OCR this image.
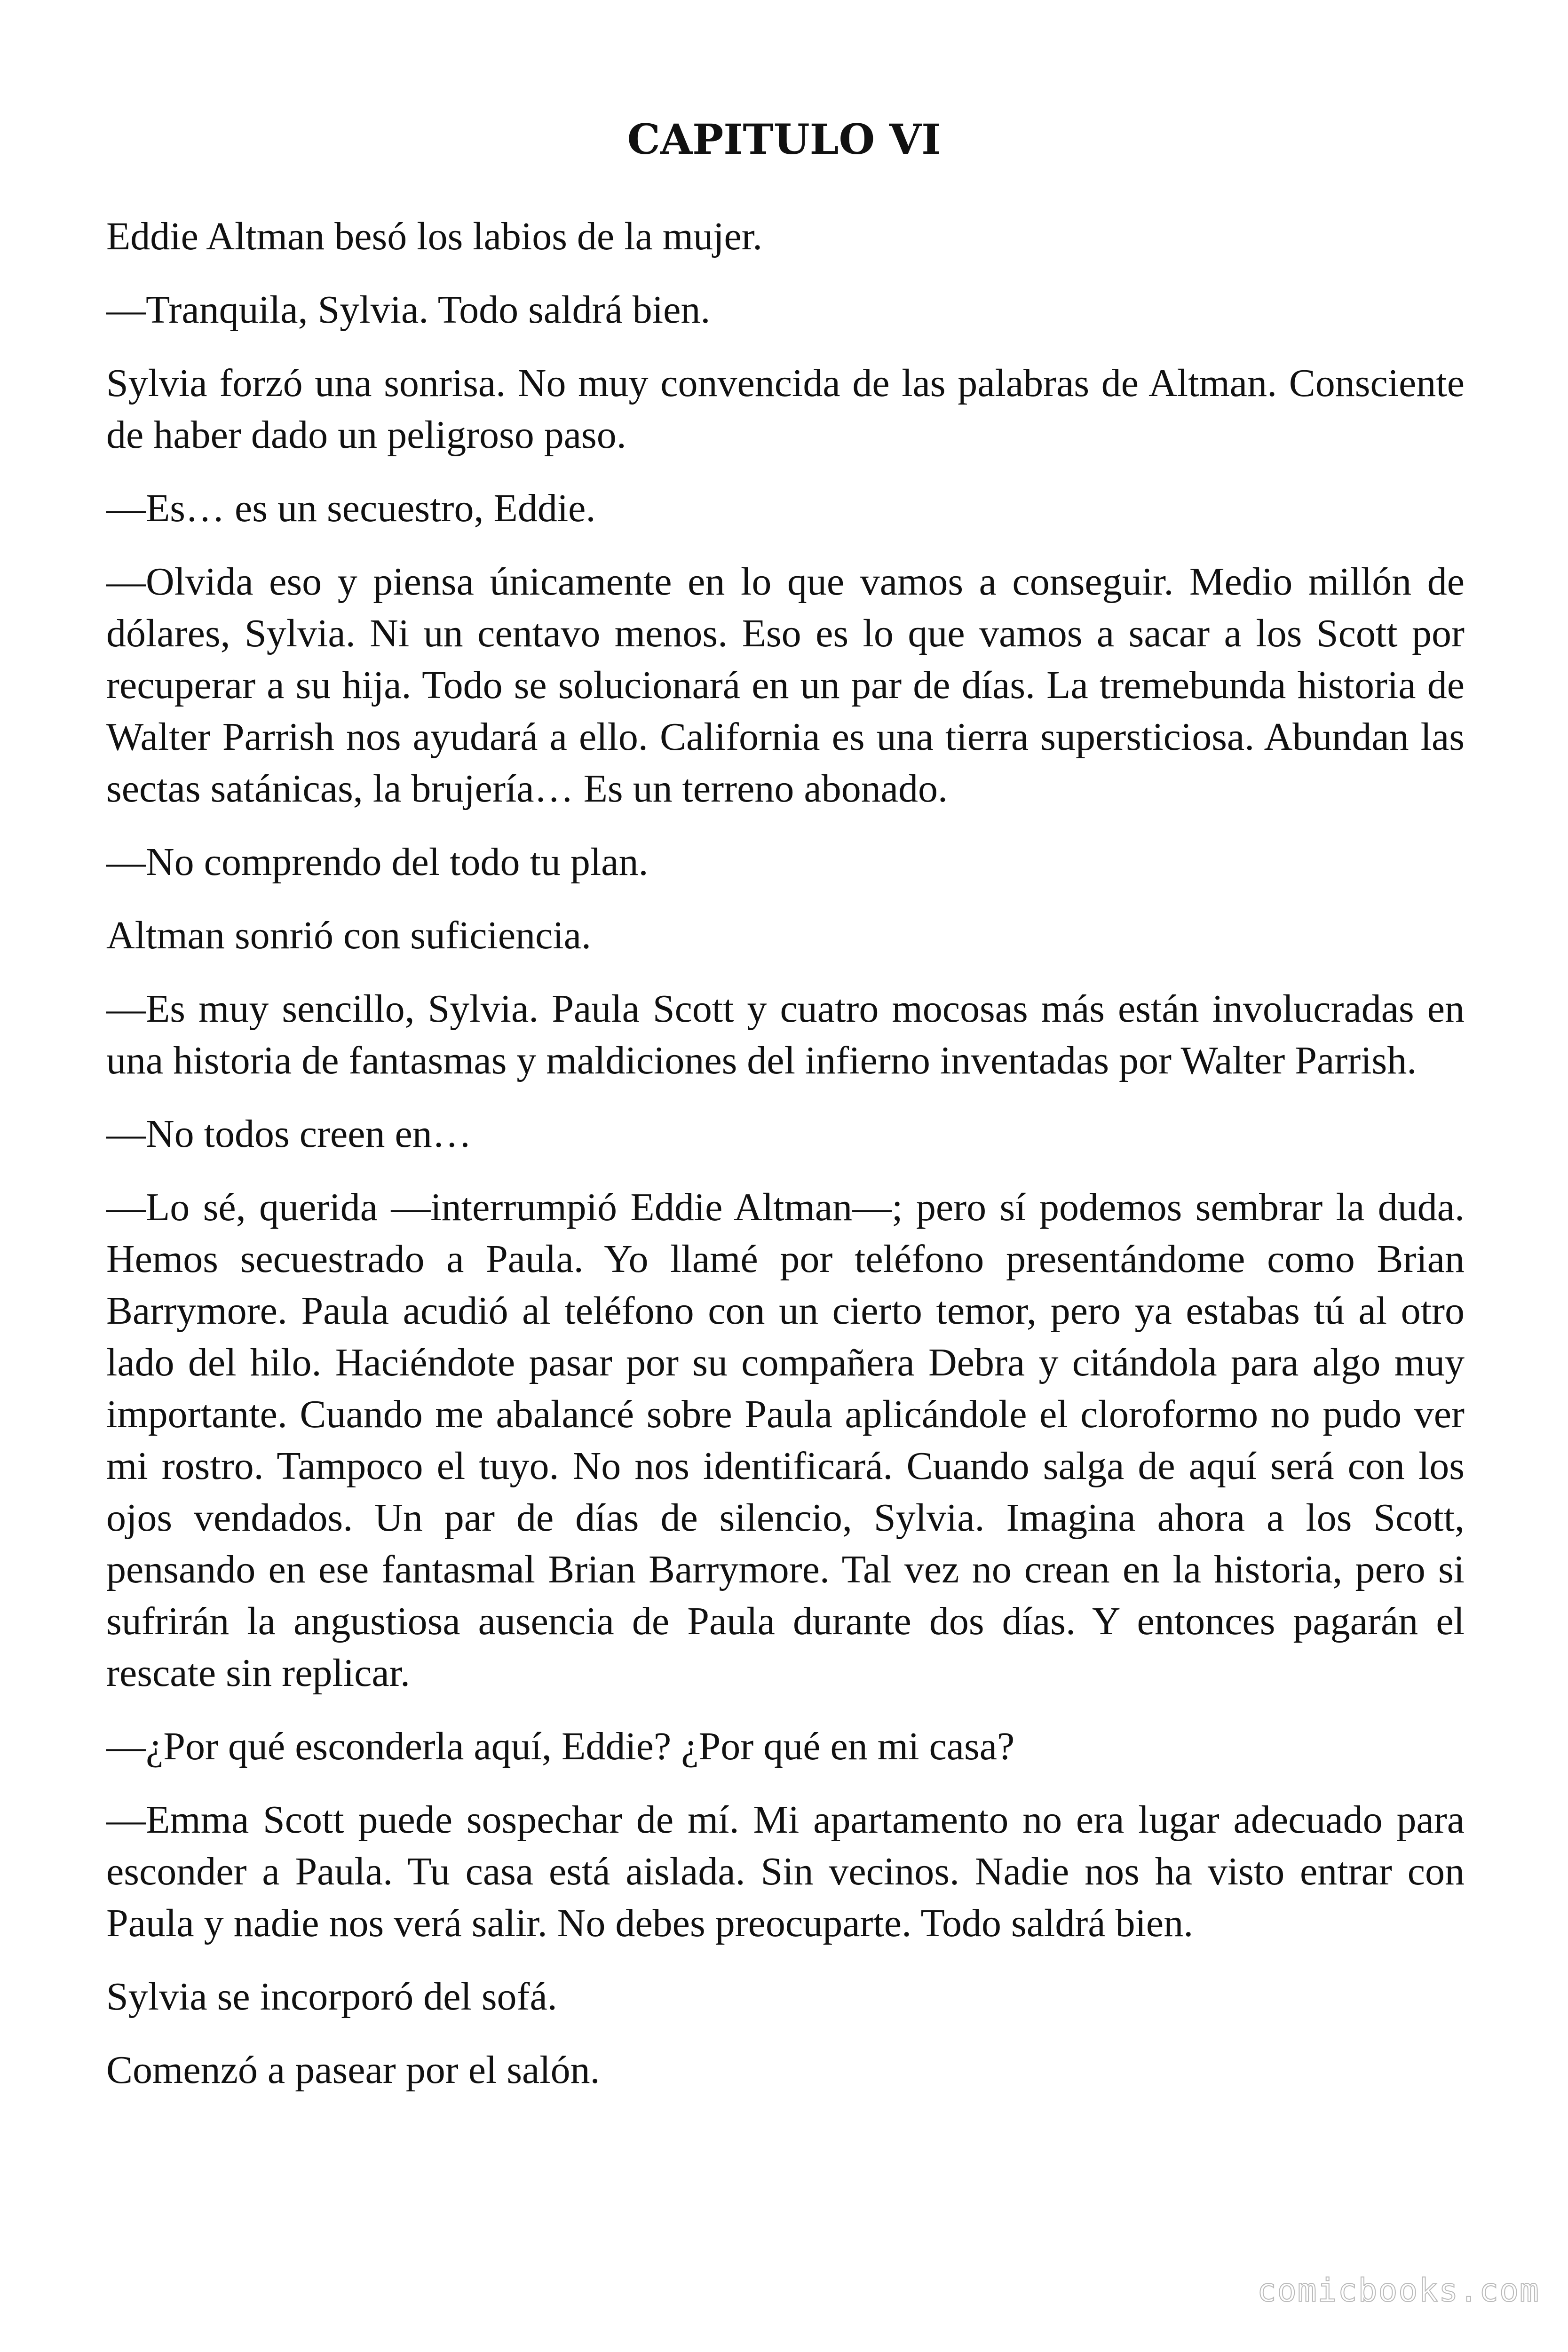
CAPITULO VI

Eddie Altman besó los labios de la mujer.

—Tranquila, Sylvia. Todo saldrá bien.

Sylvia forzó una sonrisa. No muy convencida de las palabras de Altman. Consciente de haber dado un peligroso paso.

—Es… es un secuestro, Eddie.

—Olvida eso y piensa únicamente en lo que vamos a conseguir. Medio millón de dólares, Sylvia. Ni un centavo menos. Eso es lo que vamos a sacar a los Scott por recuperar a su hija. Todo se solucionará en un par de días. La tremebunda historia de Walter Parrish nos ayudará a ello. California es una tierra supersticiosa. Abundan las sectas satánicas, la brujería… Es un terreno abonado.

—No comprendo del todo tu plan.

Altman sonrió con suficiencia.

—Es muy sencillo, Sylvia. Paula Scott y cuatro mocosas más están involucradas en una historia de fantasmas y maldiciones del infierno inventadas por Walter Parrish.

—No todos creen en…

—Lo sé, querida —interrumpió Eddie Altman—; pero sí podemos sembrar la duda. Hemos secuestrado a Paula. Yo llamé por teléfono presentándome como Brian Barrymore. Paula acudió al teléfono con un cierto temor, pero ya estabas tú al otro lado del hilo. Haciéndote pasar por su compañera Debra y citándola para algo muy importante. Cuando me abalancé sobre Paula aplicándole el cloroformo no pudo ver mi rostro. Tampoco el tuyo. No nos identificará. Cuando salga de aquí será con los ojos vendados. Un par de días de silencio, Sylvia. Imagina ahora a los Scott, pensando en ese fantasmal Brian Barrymore. Tal vez no crean en la historia, pero si sufrirán la angustiosa ausencia de Paula durante dos días. Y entonces pagarán el rescate sin replicar.

—¿Por qué esconderla aquí, Eddie? ¿Por qué en mi casa?

—Emma Scott puede sospechar de mí. Mi apartamento no era lugar adecuado para esconder a Paula. Tu casa está aislada. Sin vecinos. Nadie nos ha visto entrar con Paula y nadie nos verá salir. No debes preocuparte. Todo saldrá bien.

Sylvia se incorporó del sofá.

Comenzó a pasear por el salón.

comicbooks.com
